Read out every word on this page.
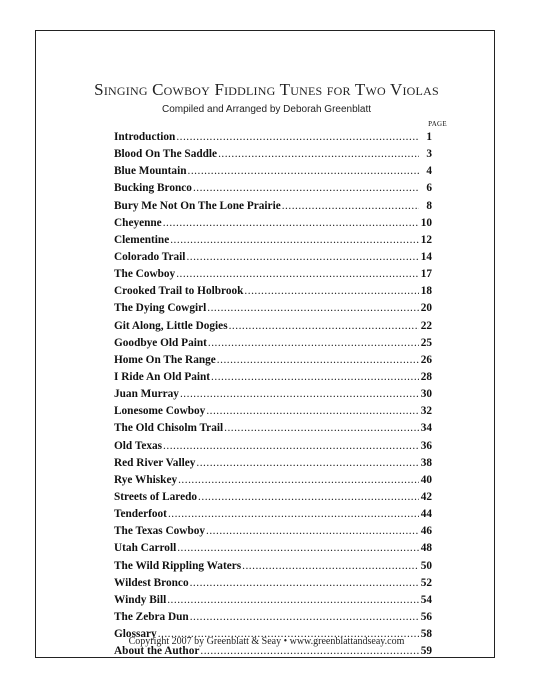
Singing Cowboy Fiddling Tunes for Two Violas
Compiled and Arranged by Deborah Greenblatt
PAGE
Introduction .....	1
Blood On The Saddle .....	3
Blue Mountain .....	4
Bucking Bronco .....	6
Bury Me Not On The Lone Prairie .....	8
Cheyenne .....	10
Clementine .....	12
Colorado Trail .....	14
The Cowboy .....	17
Crooked Trail to Holbrook .....	18
The Dying Cowgirl .....	20
Git Along, Little Dogies .....	22
Goodbye Old Paint .....	25
Home On The Range .....	26
I Ride An Old Paint .....	28
Juan Murray .....	30
Lonesome Cowboy .....	32
The Old Chisolm Trail .....	34
Old Texas .....	36
Red River Valley .....	38
Rye Whiskey .....	40
Streets of Laredo .....	42
Tenderfoot .....	44
The Texas Cowboy .....	46
Utah Carroll .....	48
The Wild Rippling Waters .....	50
Wildest Bronco .....	52
Windy Bill .....	54
The Zebra Dun .....	56
Glossary .....	58
About the Author .....	59
Copyright 2007 by Greenblatt & Seay • www.greenblattandseay.com
